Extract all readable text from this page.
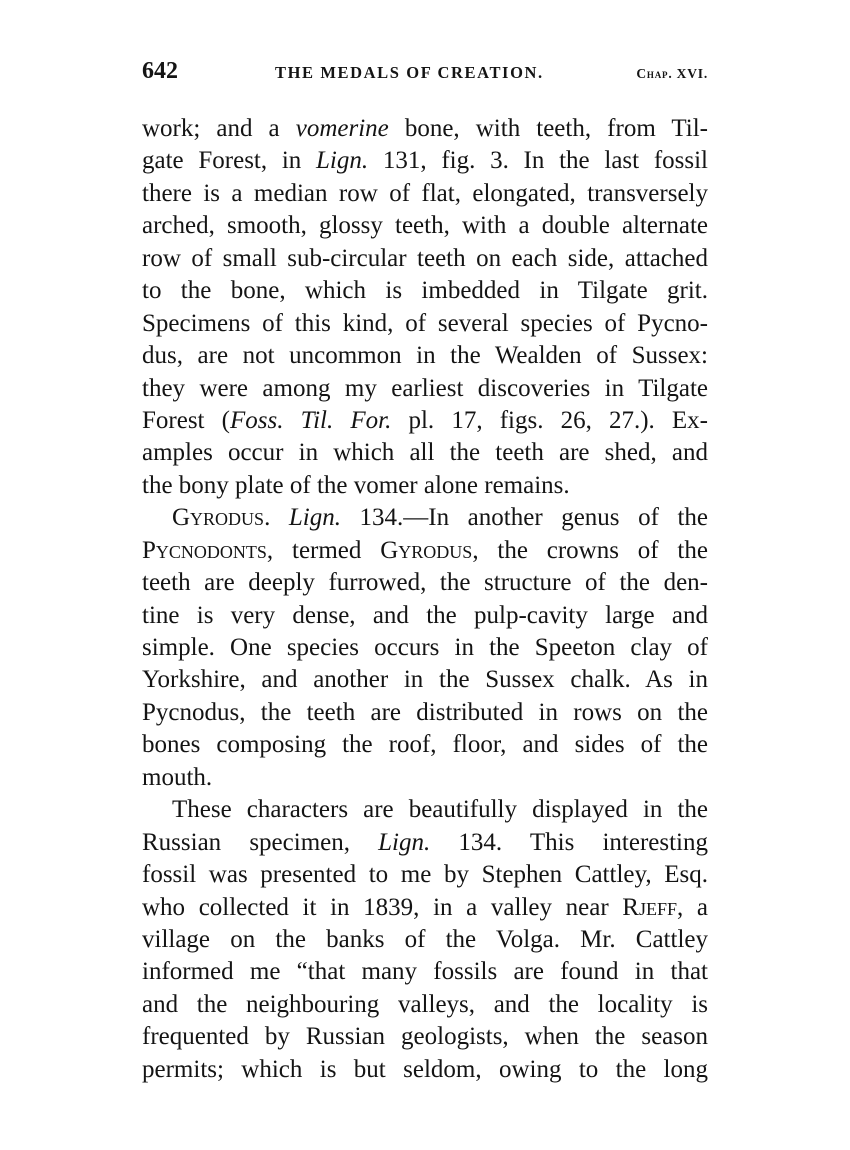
642	THE MEDALS OF CREATION.	Chap. XVI.
work; and a vomerine bone, with teeth, from Til-
gate Forest, in Lign. 131, fig. 3. In the last fossil
there is a median row of flat, elongated, transversely
arched, smooth, glossy teeth, with a double alternate
row of small sub-circular teeth on each side, attached
to the bone, which is imbedded in Tilgate grit.
Specimens of this kind, of several species of Pycno-
dus, are not uncommon in the Wealden of Sussex:
they were among my earliest discoveries in Tilgate
Forest (Foss. Til. For. pl. 17, figs. 26, 27.). Ex-
amples occur in which all the teeth are shed, and
the bony plate of the vomer alone remains.
Gyrodus. Lign. 134.—In another genus of the
Pycnodonts, termed Gyrodus, the crowns of the
teeth are deeply furrowed, the structure of the den-
tine is very dense, and the pulp-cavity large and
simple. One species occurs in the Speeton clay of
Yorkshire, and another in the Sussex chalk. As in
Pycnodus, the teeth are distributed in rows on the
bones composing the roof, floor, and sides of the
mouth.
These characters are beautifully displayed in the
Russian specimen, Lign. 134. This interesting
fossil was presented to me by Stephen Cattley, Esq.
who collected it in 1839, in a valley near Rjeff, a
village on the banks of the Volga. Mr. Cattley
informed me “that many fossils are found in that
and the neighbouring valleys, and the locality is
frequented by Russian geologists, when the season
permits; which is but seldom, owing to the long
